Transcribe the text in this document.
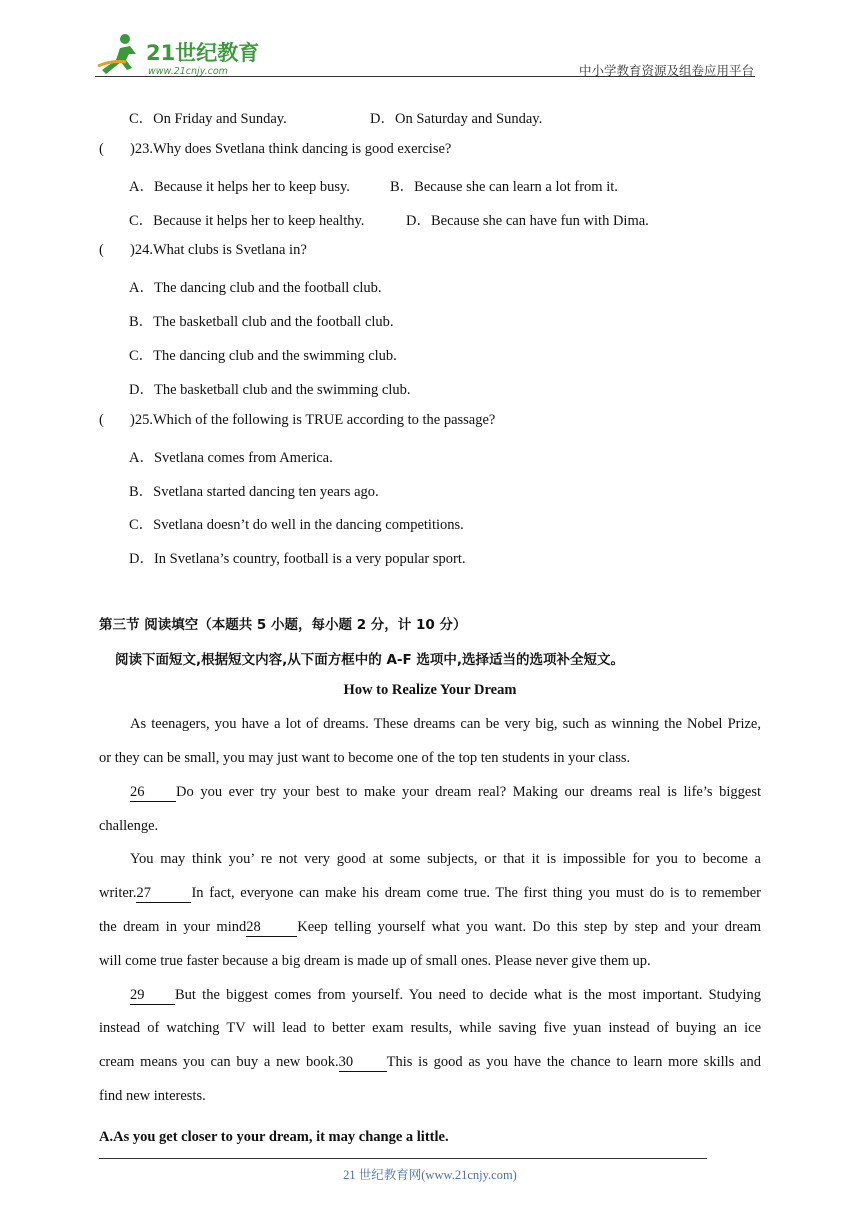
21世纪教育
www.21cnjy.com	中小学教育资源及组卷应用平台
C．On Friday and Sunday.	D．On Saturday and Sunday.
( )23.Why does Svetlana think dancing is good exercise?
A．Because it helps her to keep busy.	B．Because she can learn a lot from it.
C．Because it helps her to keep healthy.	D．Because she can have fun with Dima.
( )24.What clubs is Svetlana in?
A．The dancing club and the football club.
B．The basketball club and the football club.
C．The dancing club and the swimming club.
D．The basketball club and the swimming club.
( )25.Which of the following is TRUE according to the passage?
A．Svetlana comes from America.
B．Svetlana started dancing ten years ago.
C．Svetlana doesn’t do well in the dancing competitions.
D．In Svetlana’s country, football is a very popular sport.
第三节 阅读填空（本题共 5 小题，每小题 2 分，计 10 分）
阅读下面短文,根据短文内容,从下面方框中的 A-F 选项中,选择适当的选项补全短文。
How to Realize Your Dream
As teenagers, you have a lot of dreams. These dreams can be very big, such as winning the Nobel Prize,
or they can be small, you may just want to become one of the top ten students in your class.
26 Do you ever try your best to make your dream real? Making our dreams real is life’s biggest
challenge.
You may think you’ re not very good at some subjects, or that it is impossible for you to become a
writer.27	In fact, everyone can make his dream come true. The first thing you must do is to remember
the dream in your mind28	Keep telling yourself what you want. Do this step by step and your dream
will come true faster because a big dream is made up of small ones. Please never give them up.
29 But the biggest comes from yourself. You need to decide what is the most important. Studying
instead of watching TV will lead to better exam results, while saving five yuan instead of buying an ice
cream means you can buy a new book.30 This is good as you have the chance to learn more skills and
find new interests.
A.As you get closer to your dream, it may change a little.
21 世纪教育网(www.21cnjy.com)
